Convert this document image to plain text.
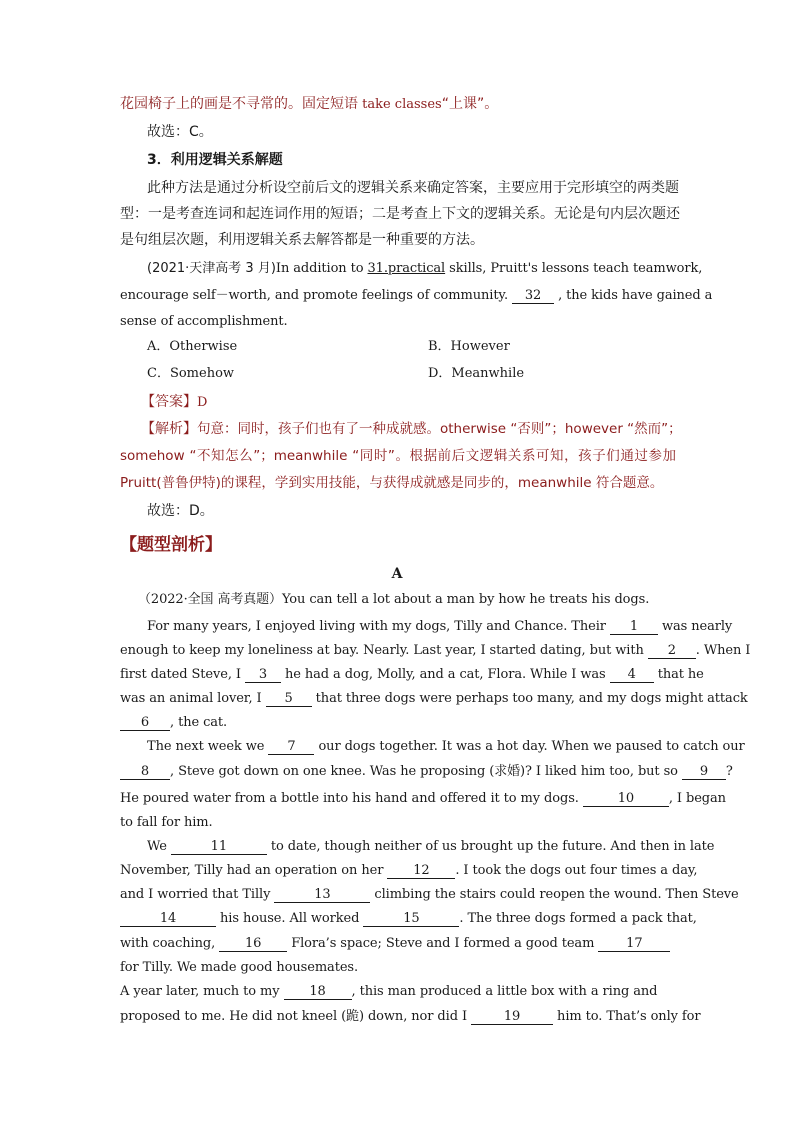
花园椅子上的画是不寻常的。固定短语 take classes“上课”。
故选：C。
3．利用逻辑关系解题
此种方法是通过分析设空前后文的逻辑关系来确定答案，主要应用于完形填空的两类题
型：一是考查连词和起连词作用的短语；二是考查上下文的逻辑关系。无论是句内层次题还
是句组层次题，利用逻辑关系去解答都是一种重要的方法。
(2021·天津高考 3 月)In addition to 31.practical skills, Pruitt's lessons teach teamwork,
encourage self－worth, and promote feelings of community. 32 , the kids have gained a
sense of accomplishment.
A．Otherwise	B．However
C．Somehow	D．Meanwhile
【答案】D
【解析】句意：同时，孩子们也有了一种成就感。otherwise “否则”；however “然而”；
somehow “不知怎么”；meanwhile “同时”。根据前后文逻辑关系可知，孩子们通过参加
Pruitt(普鲁伊特)的课程，学到实用技能，与获得成就感是同步的，meanwhile 符合题意。
故选：D。
【题型剖析】
A
（2022·全国 高考真题）You can tell a lot about a man by how he treats his dogs.
For many years, I enjoyed living with my dogs, Tilly and Chance. Their 1 was nearly
enough to keep my loneliness at bay. Nearly. Last year, I started dating, but with 2 . When I
first dated Steve, I 3 he had a dog, Molly, and a cat, Flora. While I was 4 that he
was an animal lover, I 5 that three dogs were perhaps too many, and my dogs might attack
6 , the cat.
The next week we 7 our dogs together. It was a hot day. When we paused to catch our
8 , Steve got down on one knee. Was he proposing (求婚)? I liked him too, but so 9 ?
He poured water from a bottle into his hand and offered it to my dogs.	10	, I began
to fall for him.
We	11	to date, though neither of us brought up the future. And then in late
November, Tilly had an operation on her 12 . I took the dogs out four times a day,
and I worried that Tilly	13	climbing the stairs could reopen the wound. Then Steve
14	his house. All worked	15	. The three dogs formed a pack that,
with coaching, 16 Flora’s space; Steve and I formed a good team 17
for Tilly. We made good housemates.
A year later, much to my 18 , this man produced a little box with a ring and
proposed to me. He did not kneel (跪) down, nor did I	19	him to. That’s only for
